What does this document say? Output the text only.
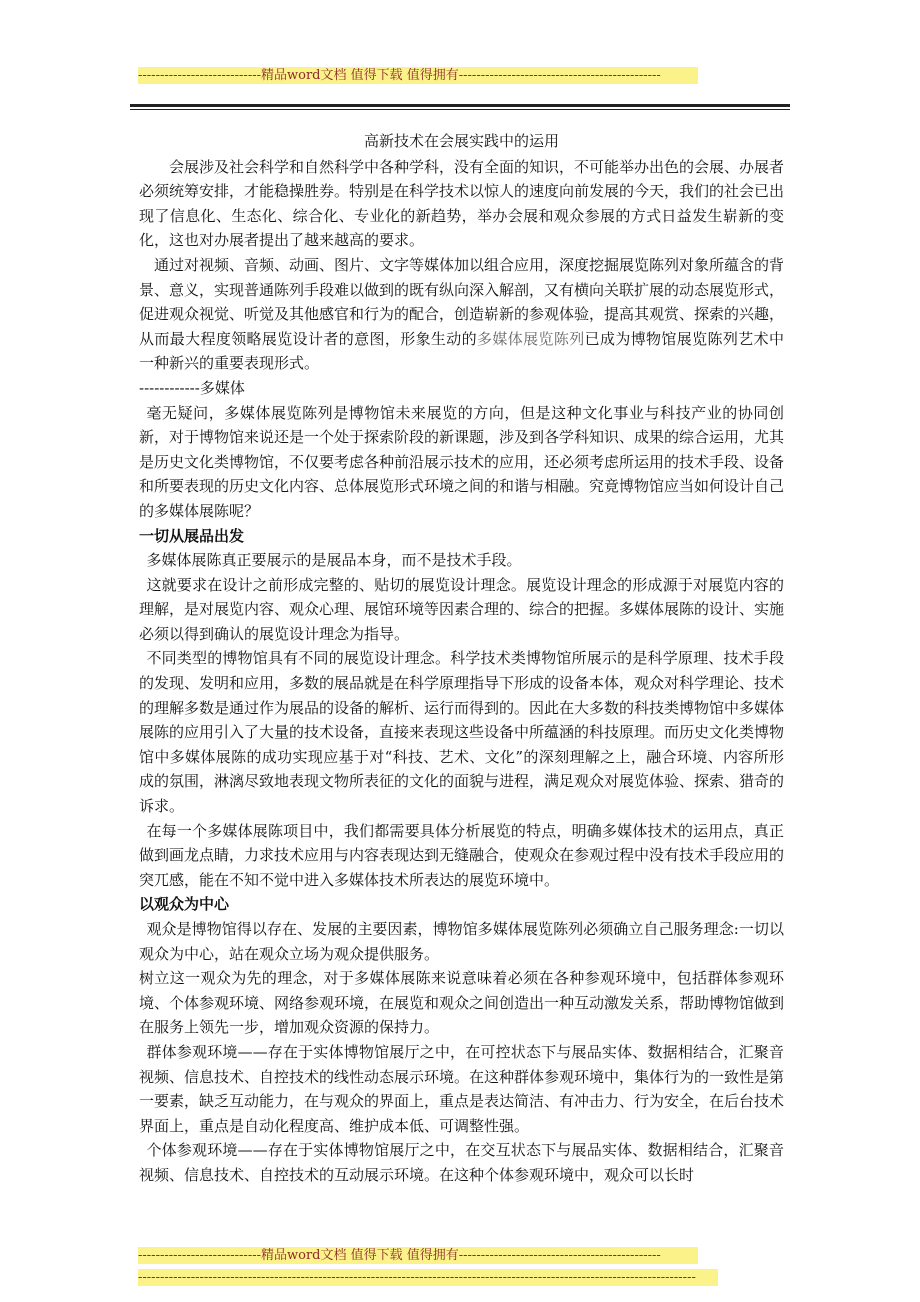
----------------------------精品word文档 值得下载 值得拥有----------------------------------------------
高新技术在会展实践中的运用

会展涉及社会科学和自然科学中各种学科，没有全面的知识，不可能举办出色的会展、办展者必须统筹安排，才能稳操胜券。特别是在科学技术以惊人的速度向前发展的今天，我们的社会已出现了信息化、生态化、综合化、专业化的新趋势，举办会展和观众参展的方式日益发生崭新的变化，这也对办展者提出了越来越高的要求。

通过对视频、音频、动画、图片、文字等媒体加以组合应用，深度挖掘展览陈列对象所蕴含的背景、意义，实现普通陈列手段难以做到的既有纵向深入解剖，又有横向关联扩展的动态展览形式，促进观众视觉、听觉及其他感官和行为的配合，创造崭新的参观体验，提高其观赏、探索的兴趣，从而最大程度领略展览设计者的意图，形象生动的多媒体展览陈列已成为博物馆展览陈列艺术中一种新兴的重要表现形式。

------------多媒体

毫无疑问，多媒体展览陈列是博物馆未来展览的方向，但是这种文化事业与科技产业的协同创新，对于博物馆来说还是一个处于探索阶段的新课题，涉及到各学科知识、成果的综合运用，尤其是历史文化类博物馆，不仅要考虑各种前沿展示技术的应用，还必须考虑所运用的技术手段、设备和所要表现的历史文化内容、总体展览形式环境之间的和谐与相融。究竟博物馆应当如何设计自己的多媒体展陈呢？

一切从展品出发

多媒体展陈真正要展示的是展品本身，而不是技术手段。

这就要求在设计之前形成完整的、贴切的展览设计理念。展览设计理念的形成源于对展览内容的理解，是对展览内容、观众心理、展馆环境等因素合理的、综合的把握。多媒体展陈的设计、实施必须以得到确认的展览设计理念为指导。

不同类型的博物馆具有不同的展览设计理念。科学技术类博物馆所展示的是科学原理、技术手段的发现、发明和应用，多数的展品就是在科学原理指导下形成的设备本体，观众对科学理论、技术的理解多数是通过作为展品的设备的解析、运行而得到的。因此在大多数的科技类博物馆中多媒体展陈的应用引入了大量的技术设备，直接来表现这些设备中所蕴涵的科技原理。而历史文化类博物馆中多媒体展陈的成功实现应基于对“科技、艺术、文化”的深刻理解之上，融合环境、内容所形成的氛围，淋漓尽致地表现文物所表征的文化的面貌与进程，满足观众对展览体验、探索、猎奇的诉求。

在每一个多媒体展陈项目中，我们都需要具体分析展览的特点，明确多媒体技术的运用点，真正做到画龙点睛，力求技术应用与内容表现达到无缝融合，使观众在参观过程中没有技术手段应用的突兀感，能在不知不觉中进入多媒体技术所表达的展览环境中。

以观众为中心

观众是博物馆得以存在、发展的主要因素，博物馆多媒体展览陈列必须确立自己服务理念:一切以观众为中心，站在观众立场为观众提供服务。

树立这一观众为先的理念，对于多媒体展陈来说意味着必须在各种参观环境中，包括群体参观环境、个体参观环境、网络参观环境，在展览和观众之间创造出一种互动激发关系，帮助博物馆做到在服务上领先一步，增加观众资源的保持力。

群体参观环境——存在于实体博物馆展厅之中，在可控状态下与展品实体、数据相结合，汇聚音视频、信息技术、自控技术的线性动态展示环境。在这种群体参观环境中，集体行为的一致性是第一要素，缺乏互动能力，在与观众的界面上，重点是表达简洁、有冲击力、行为安全，在后台技术界面上，重点是自动化程度高、维护成本低、可调整性强。

个体参观环境——存在于实体博物馆展厅之中，在交互状态下与展品实体、数据相结合，汇聚音视频、信息技术、自控技术的互动展示环境。在这种个体参观环境中，观众可以长时

----------------------------精品word文档 值得下载 值得拥有----------------------------------------------
-------------------------------------------------------------------------------------------------------------------------------
